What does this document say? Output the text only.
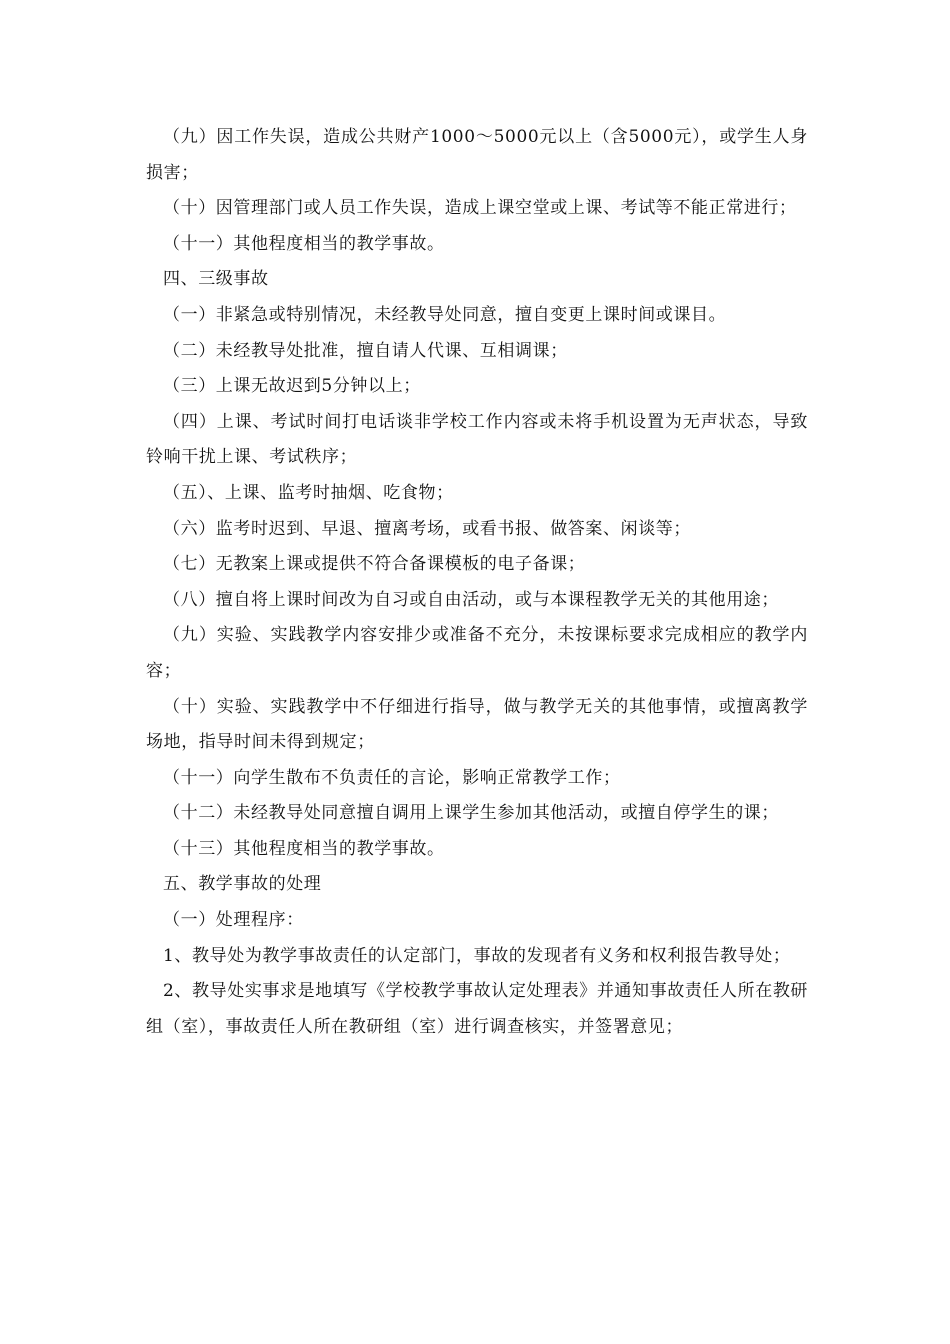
（九）因工作失误，造成公共财产1000～5000元以上（含5000元），或学生人身损害；

（十）因管理部门或人员工作失误，造成上课空堂或上课、考试等不能正常进行；

（十一）其他程度相当的教学事故。

四、三级事故

（一）非紧急或特别情况，未经教导处同意，擅自变更上课时间或课目。

（二）未经教导处批准，擅自请人代课、互相调课；

（三）上课无故迟到5分钟以上；

（四）上课、考试时间打电话谈非学校工作内容或未将手机设置为无声状态，导致铃响干扰上课、考试秩序；

（五）、上课、监考时抽烟、吃食物；

（六）监考时迟到、早退、擅离考场，或看书报、做答案、闲谈等；

（七）无教案上课或提供不符合备课模板的电子备课；

（八）擅自将上课时间改为自习或自由活动，或与本课程教学无关的其他用途；

（九）实验、实践教学内容安排少或准备不充分，未按课标要求完成相应的教学内容；

（十）实验、实践教学中不仔细进行指导，做与教学无关的其他事情，或擅离教学场地，指导时间未得到规定；

（十一）向学生散布不负责任的言论，影响正常教学工作；

（十二）未经教导处同意擅自调用上课学生参加其他活动，或擅自停学生的课；

（十三）其他程度相当的教学事故。

五、教学事故的处理

（一）处理程序：

1、教导处为教学事故责任的认定部门，事故的发现者有义务和权利报告教导处；

2、教导处实事求是地填写《学校教学事故认定处理表》并通知事故责任人所在教研组（室），事故责任人所在教研组（室）进行调查核实，并签署意见；
